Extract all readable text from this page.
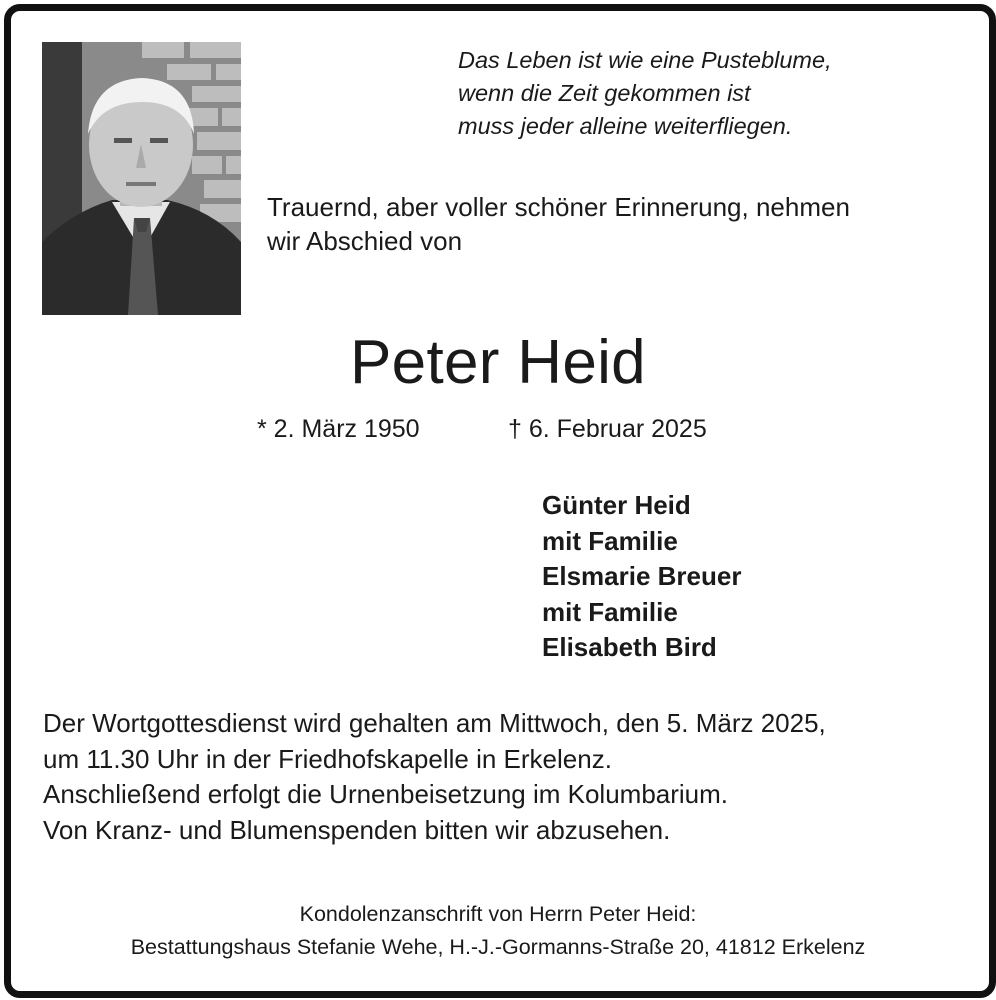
Das Leben ist wie eine Pusteblume,
wenn die Zeit gekommen ist
muss jeder alleine weiterfliegen.
Trauernd, aber voller schöner Erinnerung, nehmen
wir Abschied von
Peter Heid
* 2. März 1950	† 6. Februar 2025
Günter Heid
mit Familie
Elsmarie Breuer
mit Familie
Elisabeth Bird
Der Wortgottesdienst wird gehalten am Mittwoch, den 5. März 2025,
um 11.30 Uhr in der Friedhofskapelle in Erkelenz.
Anschließend erfolgt die Urnenbeisetzung im Kolumbarium.
Von Kranz- und Blumenspenden bitten wir abzusehen.
Kondolenzanschrift von Herrn Peter Heid:
Bestattungshaus Stefanie Wehe, H.-J.-Gormanns-Straße 20, 41812 Erkelenz
